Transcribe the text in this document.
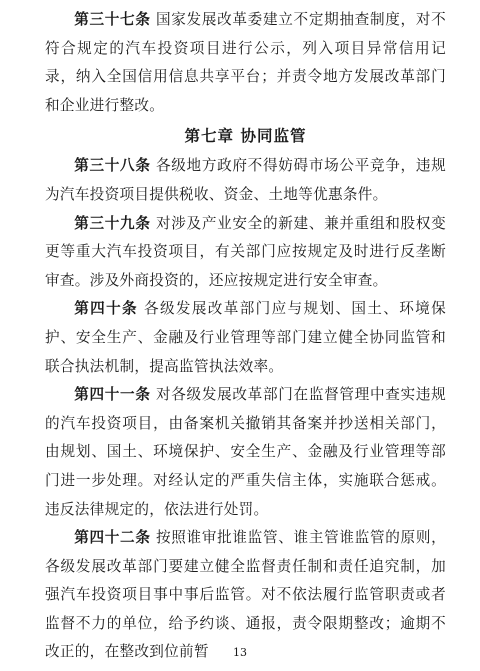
第三十七条 国家发展改革委建立不定期抽查制度，对不符合规定的汽车投资项目进行公示，列入项目异常信用记录，纳入全国信用信息共享平台；并责令地方发展改革部门和企业进行整改。

第七章 协同监管

第三十八条 各级地方政府不得妨碍市场公平竞争，违规为汽车投资项目提供税收、资金、土地等优惠条件。

第三十九条 对涉及产业安全的新建、兼并重组和股权变更等重大汽车投资项目，有关部门应按规定及时进行反垄断审查。涉及外商投资的，还应按规定进行安全审查。

第四十条 各级发展改革部门应与规划、国土、环境保护、安全生产、金融及行业管理等部门建立健全协同监管和联合执法机制，提高监管执法效率。

第四十一条 对各级发展改革部门在监督管理中查实违规的汽车投资项目，由备案机关撤销其备案并抄送相关部门，由规划、国土、环境保护、安全生产、金融及行业管理等部门进一步处理。对经认定的严重失信主体，实施联合惩戒。违反法律规定的，依法进行处罚。

第四十二条 按照谁审批谁监管、谁主管谁监管的原则，各级发展改革部门要建立健全监督责任制和责任追究制，加强汽车投资项目事中事后监管。对不依法履行监管职责或者监督不力的单位，给予约谈、通报，责令限期整改；逾期不改正的，在整改到位前暂	13
